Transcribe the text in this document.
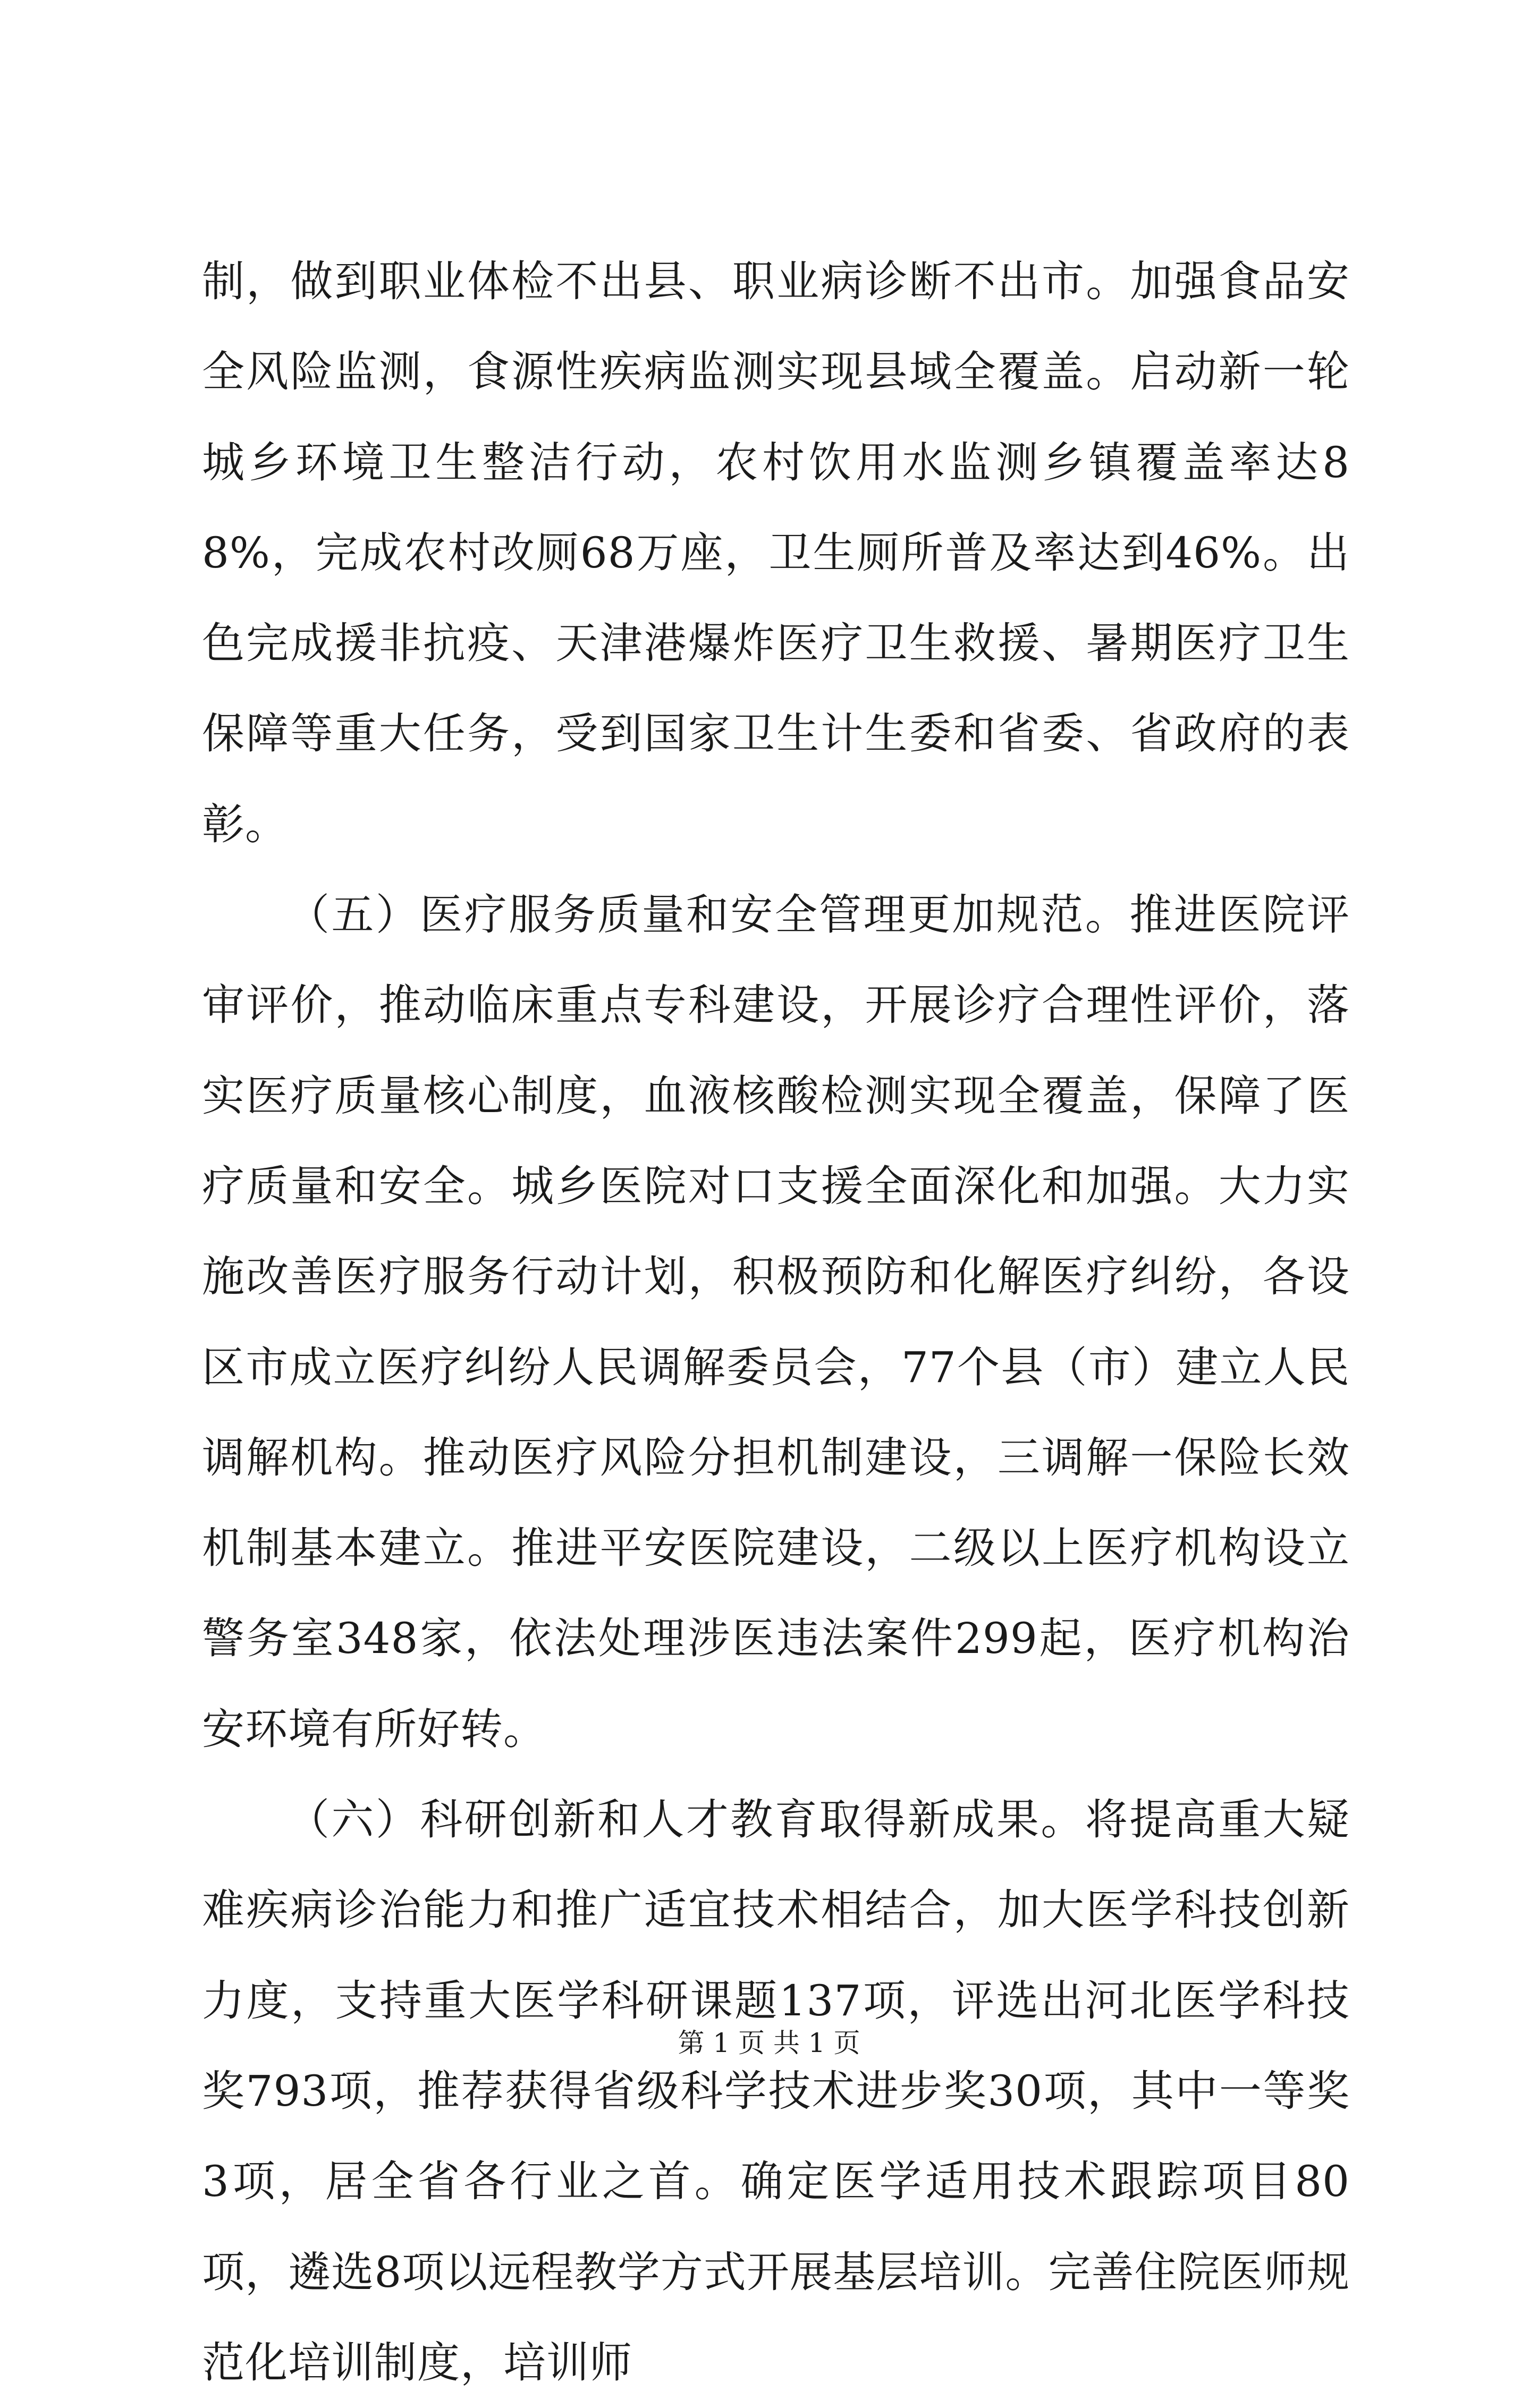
制，做到职业体检不出县、职业病诊断不出市。加强食品安全风险监测，食源性疾病监测实现县域全覆盖。启动新一轮城乡环境卫生整洁行动，农村饮用水监测乡镇覆盖率达88%，完成农村改厕68万座，卫生厕所普及率达到46%。出色完成援非抗疫、天津港爆炸医疗卫生救援、暑期医疗卫生保障等重大任务，受到国家卫生计生委和省委、省政府的表彰。

（五）医疗服务质量和安全管理更加规范。推进医院评审评价，推动临床重点专科建设，开展诊疗合理性评价，落实医疗质量核心制度，血液核酸检测实现全覆盖，保障了医疗质量和安全。城乡医院对口支援全面深化和加强。大力实施改善医疗服务行动计划，积极预防和化解医疗纠纷，各设区市成立医疗纠纷人民调解委员会，77个县（市）建立人民调解机构。推动医疗风险分担机制建设，三调解一保险长效机制基本建立。推进平安医院建设，二级以上医疗机构设立警务室348家，依法处理涉医违法案件299起，医疗机构治安环境有所好转。

（六）科研创新和人才教育取得新成果。将提高重大疑难疾病诊治能力和推广适宜技术相结合，加大医学科技创新力度，支持重大医学科研课题137项，评选出河北医学科技奖793项，推荐获得省级科学技术进步奖30项，其中一等奖3项，居全省各行业之首。确定医学适用技术跟踪项目80项，遴选8项以远程教学方式开展基层培训。完善住院医师规范化培训制度，培训师

第 1 页 共 1 页
